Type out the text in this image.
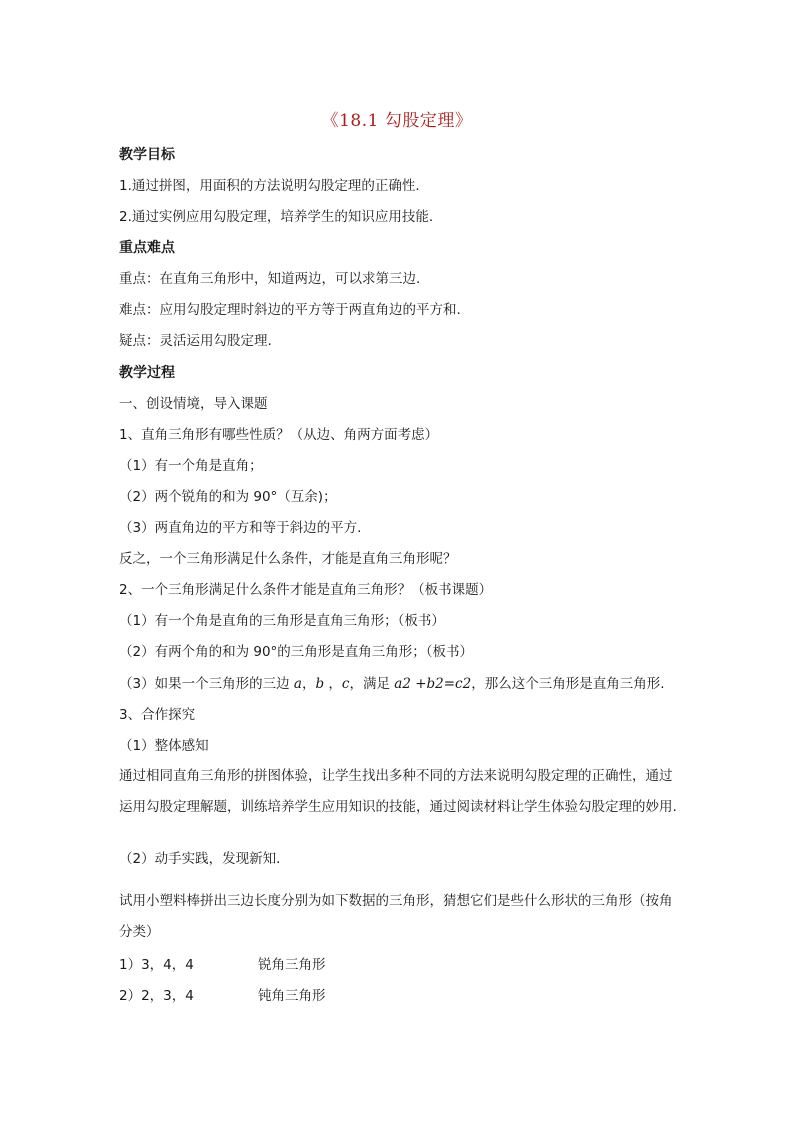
《18.1 勾股定理》
教学目标
1.通过拼图，用面积的方法说明勾股定理的正确性.
2.通过实例应用勾股定理，培养学生的知识应用技能.
重点难点
重点：在直角三角形中，知道两边，可以求第三边.
难点：应用勾股定理时斜边的平方等于两直角边的平方和.
疑点：灵活运用勾股定理.
教学过程
一、创设情境，导入课题
1、直角三角形有哪些性质？（从边、角两方面考虑）
（1）有一个角是直角；
（2）两个锐角的和为 90°（互余)；
（3）两直角边的平方和等于斜边的平方.
反之，一个三角形满足什么条件，才能是直角三角形呢？
2、一个三角形满足什么条件才能是直角三角形？（板书课题）
（1）有一个角是直角的三角形是直角三角形；（板书）
（2）有两个角的和为 90°的三角形是直角三角形；（板书）
（3）如果一个三角形的三边 a，b ，c，满足 a2 +b2=c2，那么这个三角形是直角三角形.
3、合作探究
（1）整体感知
通过相同直角三角形的拼图体验，让学生找出多种不同的方法来说明勾股定理的正确性，通过运用勾股定理解题，训练培养学生应用知识的技能，通过阅读材料让学生体验勾股定理的妙用.
（2）动手实践，发现新知.
试用小塑料棒拼出三边长度分别为如下数据的三角形，猜想它们是些什么形状的三角形（按角分类）
1）3，4，4	锐角三角形
2）2，3，4	钝角三角形
